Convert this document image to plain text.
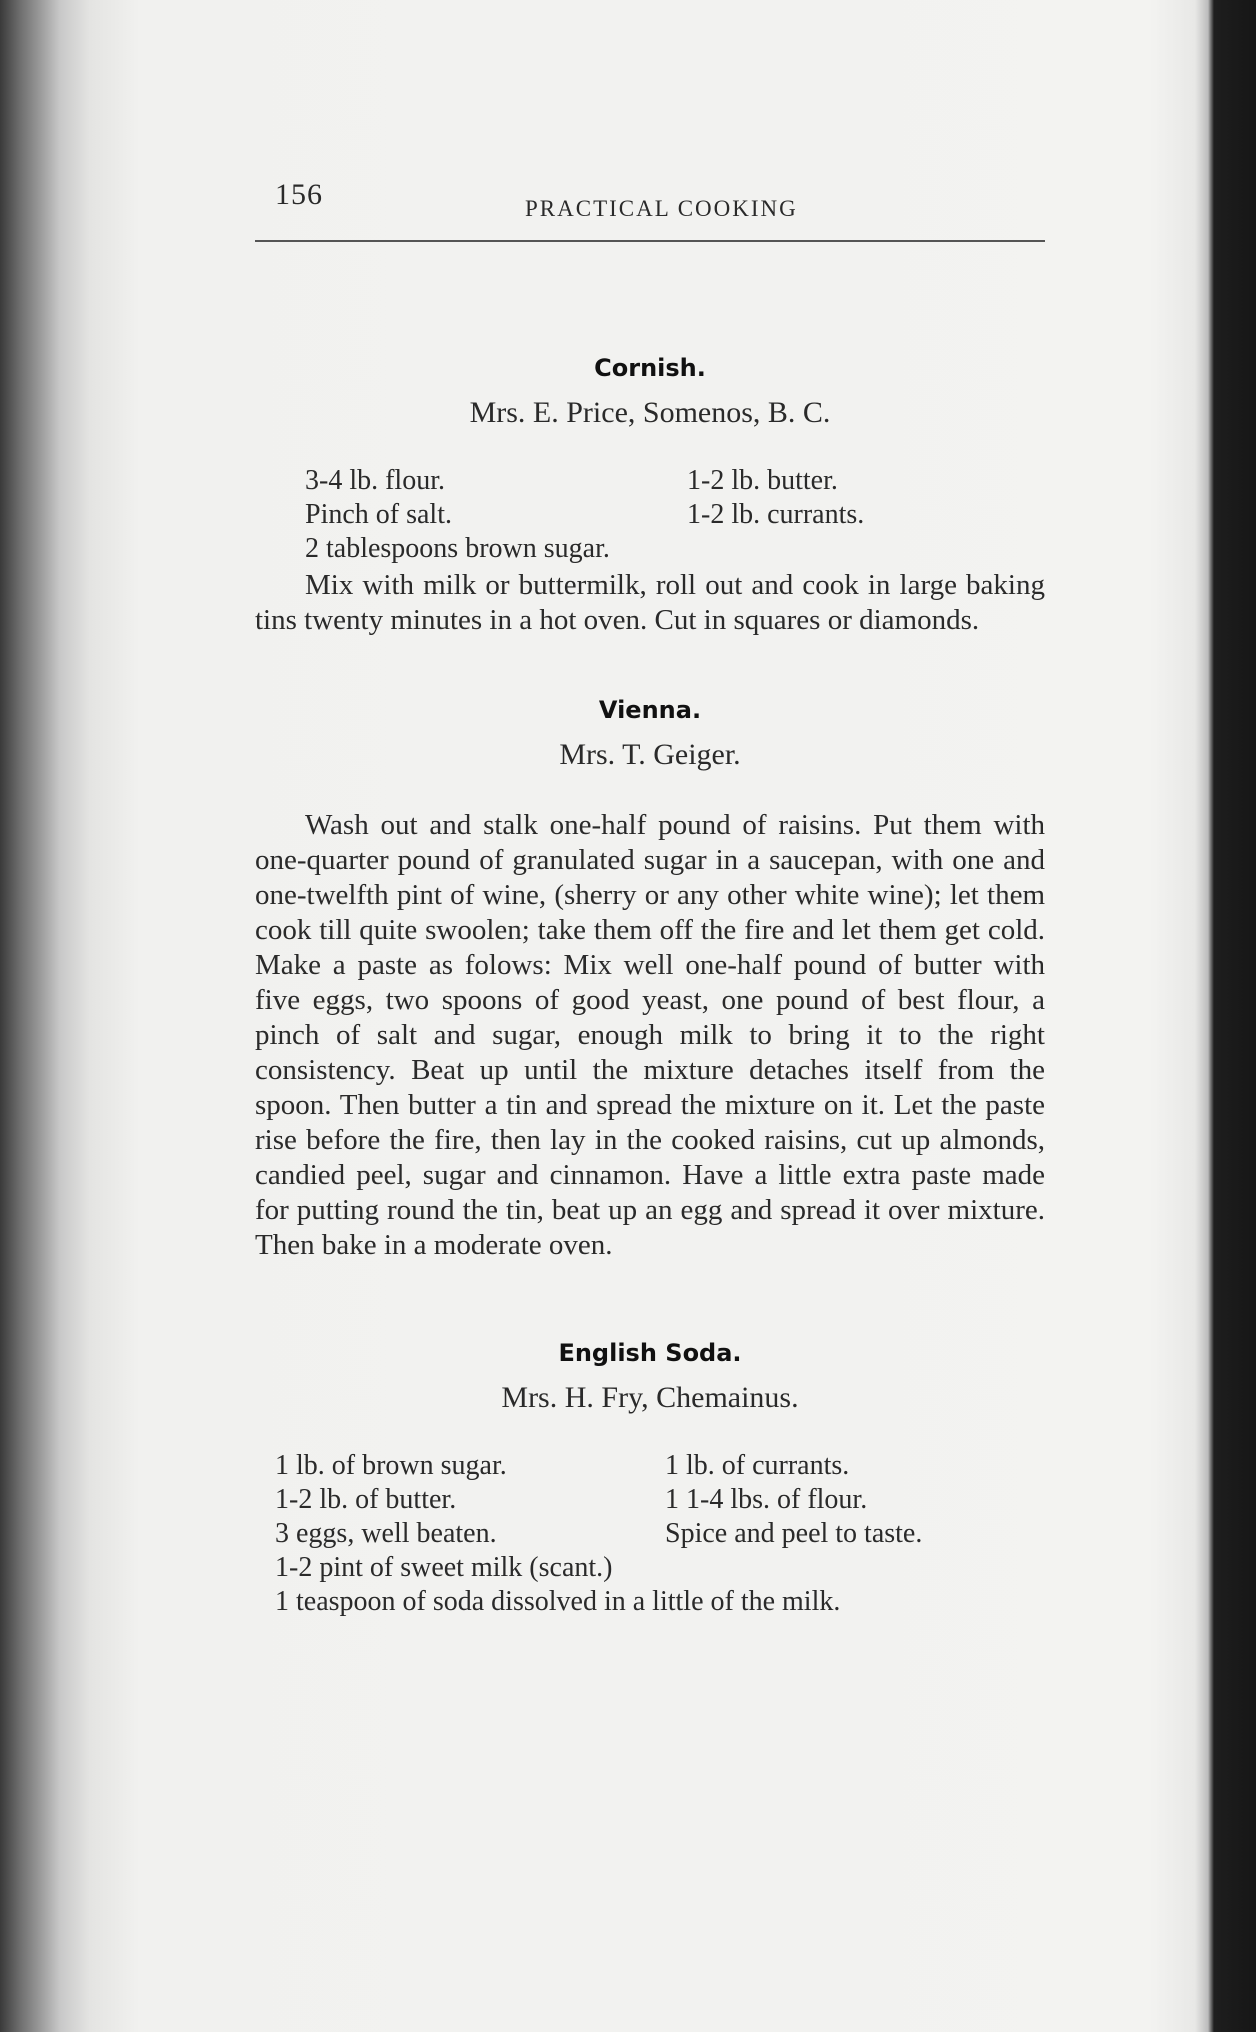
156	PRACTICAL COOKING
Cornish.

Mrs. E. Price, Somenos, B. C.

3-4 lb. flour.	1-2 lb. butter.
Pinch of salt.	1-2 lb. currants.
2 tablespoons brown sugar.

Mix with milk or buttermilk, roll out and cook in large baking tins twenty minutes in a hot oven. Cut in squares or diamonds.

Vienna.

Mrs. T. Geiger.

Wash out and stalk one-half pound of raisins. Put them with one-quarter pound of granulated sugar in a saucepan, with one and one-twelfth pint of wine, (sherry or any other white wine); let them cook till quite swoolen; take them off the fire and let them get cold. Make a paste as folows: Mix well one-half pound of butter with five eggs, two spoons of good yeast, one pound of best flour, a pinch of salt and sugar, enough milk to bring it to the right consistency. Beat up until the mixture detaches itself from the spoon. Then butter a tin and spread the mixture on it. Let the paste rise before the fire, then lay in the cooked raisins, cut up almonds, candied peel, sugar and cinnamon. Have a little extra paste made for putting round the tin, beat up an egg and spread it over mixture. Then bake in a moderate oven.

English Soda.

Mrs. H. Fry, Chemainus.

1 lb. of brown sugar.	1 lb. of currants.
1-2 lb. of butter.	1 1-4 lbs. of flour.
3 eggs, well beaten.	Spice and peel to taste.
1-2 pint of sweet milk (scant.)
1 teaspoon of soda dissolved in a little of the milk.
